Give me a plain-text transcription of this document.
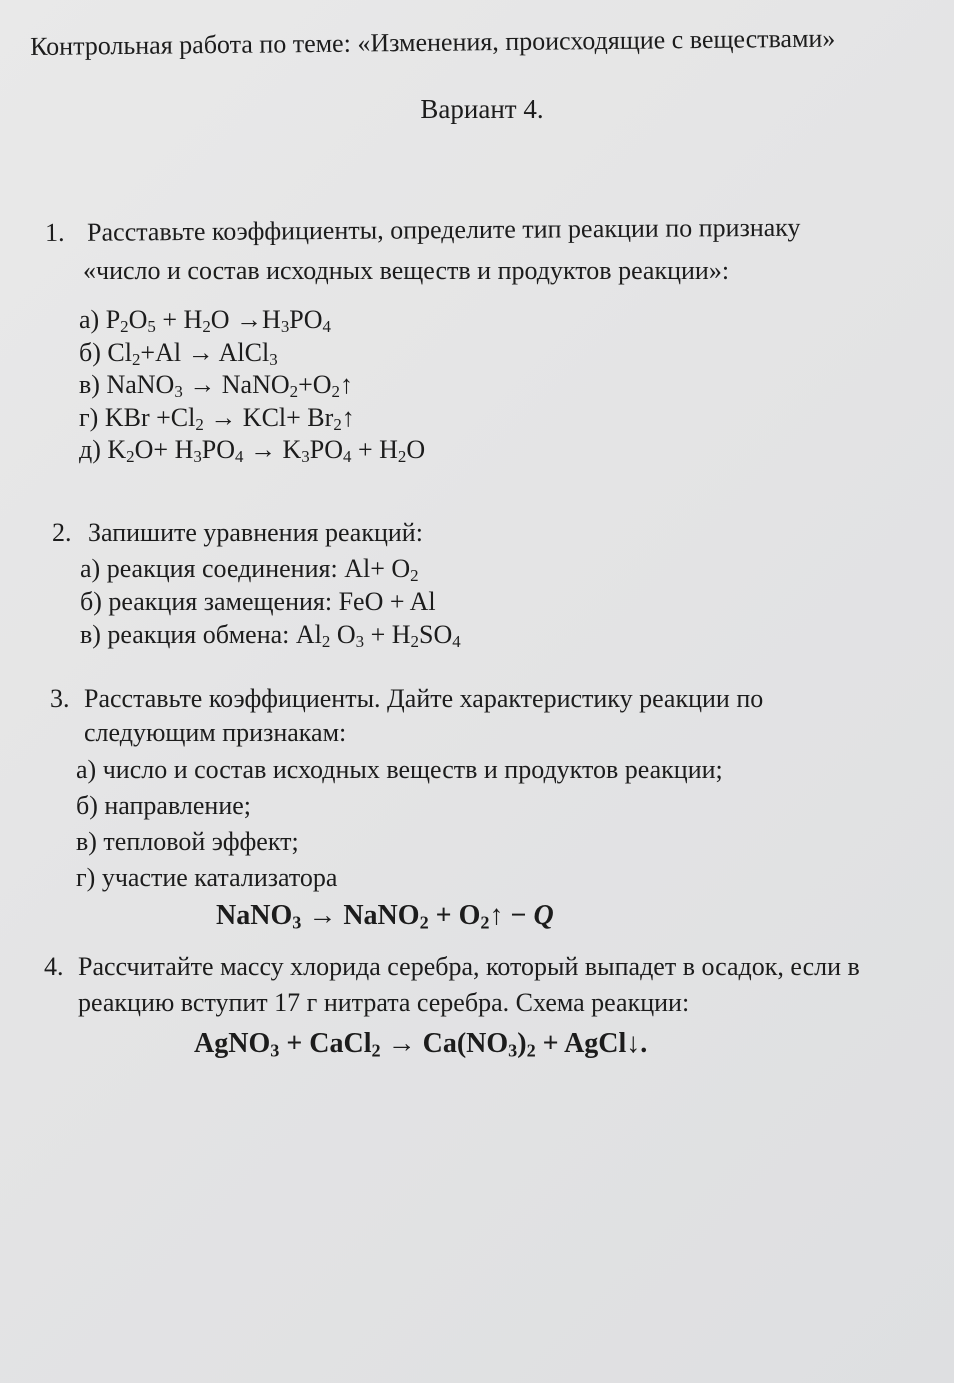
Контрольная работа по теме: «Изменения, происходящие с веществами»
Вариант 4.
1. Расставьте коэффициенты, определите тип реакции по признаку
«число и состав исходных веществ и продуктов реакции»:
а) $P_2O_5 + H_2O \to H_3PO_4$
б) $Cl_2+Al$ → AlCl$_3$
в) NaNO$_3$ → $NaNO_2+O_2↑$
г) KBr $+Cl_2 \to KCl+$ $Br_2↑$
д) $K_2O+ H_3PO_4 \to K_3PO_4 + H_2O$
2. Запишите уравнения реакций:
а) реакция соединения: $Al+ O_2$
б) реакция замещения: FeO + Al
в) реакция обмена: $Al_2$ $O_3 + H_2SO_4$
3. Расставьте коэффициенты. Дайте характеристику реакции по
следующим признакам:
а) число и состав исходных веществ и продуктов реакции;
б) направление;
в) тепловой эффект;
г) участие катализатора
NaNO$_3$ → NaNO$_2$ + $O_2↑ - Q$
4. Рассчитайте массу хлорида серебра, который выпадет в осадок, если в
реакцию вступит 17 г нитрата серебра. Схема реакции:
AgNO$_3$ + CaCl$_2$ → $Ca(NO_3)_2$ + AgCl↓.
